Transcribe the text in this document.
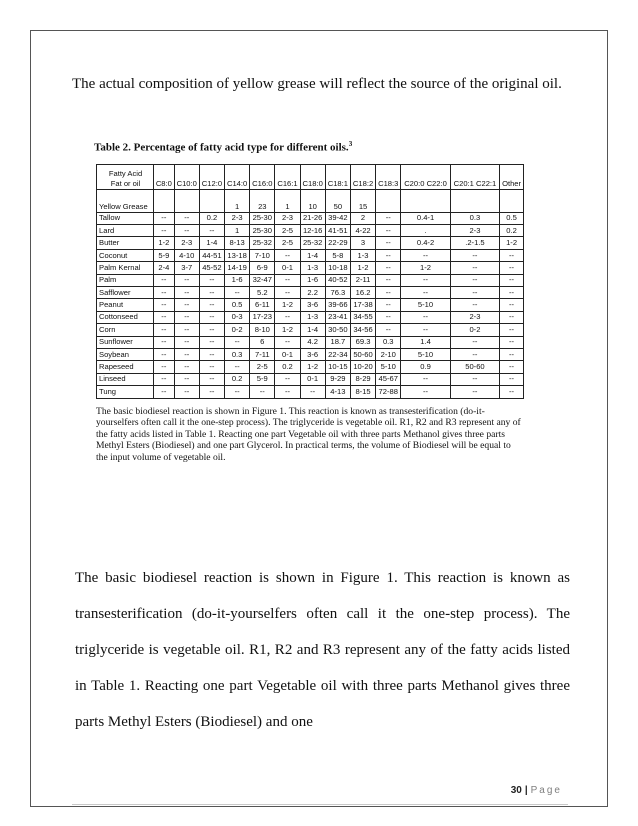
The actual composition of yellow grease will reflect the source of the original oil.

Table 2. Percentage of fatty acid type for different oils.$^3$
Fatty Acid
Fat or oil	C8:0	C10:0	C12:0	C14:0	C16:0	C16:1	C18:0	C18:1	C18:2	C18:3	C20:0 C22:0	C20:1 C22:1	Other
Yellow Grease				1	23	1	10	50	15				
Tallow	--	--	0.2	2-3	25-30	2-3	21-26	39-42	2	--	0.4-1	0.3	0.5
Lard	--	--	--	1	25-30	2-5	12-16	41-51	4-22	--	.	2-3	0.2
Butter	1-2	2-3	1-4	8-13	25-32	2-5	25-32	22-29	3	--	0.4-2	.2-1.5	1-2
Coconut	5-9	4-10	44-51	13-18	7-10	--	1-4	5-8	1-3	--	--	--	--
Palm Kernal	2-4	3-7	45-52	14-19	6-9	0-1	1-3	10-18	1-2	--	1-2	--	--
Palm	--	--	--	1-6	32-47	--	1-6	40-52	2-11	--	--	--	--
Safflower	--	--	--	--	5.2	--	2.2	76.3	16.2	--	--	--	--
Peanut	--	--	--	0.5	6-11	1-2	3-6	39-66	17-38	--	5-10	--	--
Cottonseed	--	--	--	0-3	17-23	--	1-3	23-41	34-55	--	--	2-3	--
Corn	--	--	--	0-2	8-10	1-2	1-4	30-50	34-56	--	--	0-2	--
Sunflower	--	--	--	--	6	--	4.2	18.7	69.3	0.3	1.4	--	--
Soybean	--	--	--	0.3	7-11	0-1	3-6	22-34	50-60	2-10	5-10	--	--
Rapeseed	--	--	--	--	2-5	0.2	1-2	10-15	10-20	5-10	0.9	50-60	--
Linseed	--	--	--	0.2	5-9	--	0-1	9-29	8-29	45-67	--	--	--
Tung	--	--	--	--	--	--	--	4-13	8-15	72-88	--	--	--
The basic biodiesel reaction is shown in Figure 1. This reaction is known as transesterification (do-it-yourselfers often call it the one-step process). The triglyceride is vegetable oil. R1, R2 and R3 represent any of the fatty acids listed in Table 1. Reacting one part Vegetable oil with three parts Methanol gives three parts Methyl Esters (Biodiesel) and one part Glycerol. In practical terms, the volume of Biodiesel will be equal to the input volume of vegetable oil.

The basic biodiesel reaction is shown in Figure 1. This reaction is known as transesterification (do-it-yourselfers often call it the one-step process). The triglyceride is vegetable oil. R1, R2 and R3 represent any of the fatty acids listed in Table 1. Reacting one part Vegetable oil with three parts Methanol gives three parts Methyl Esters (Biodiesel) and one

30 | Page
